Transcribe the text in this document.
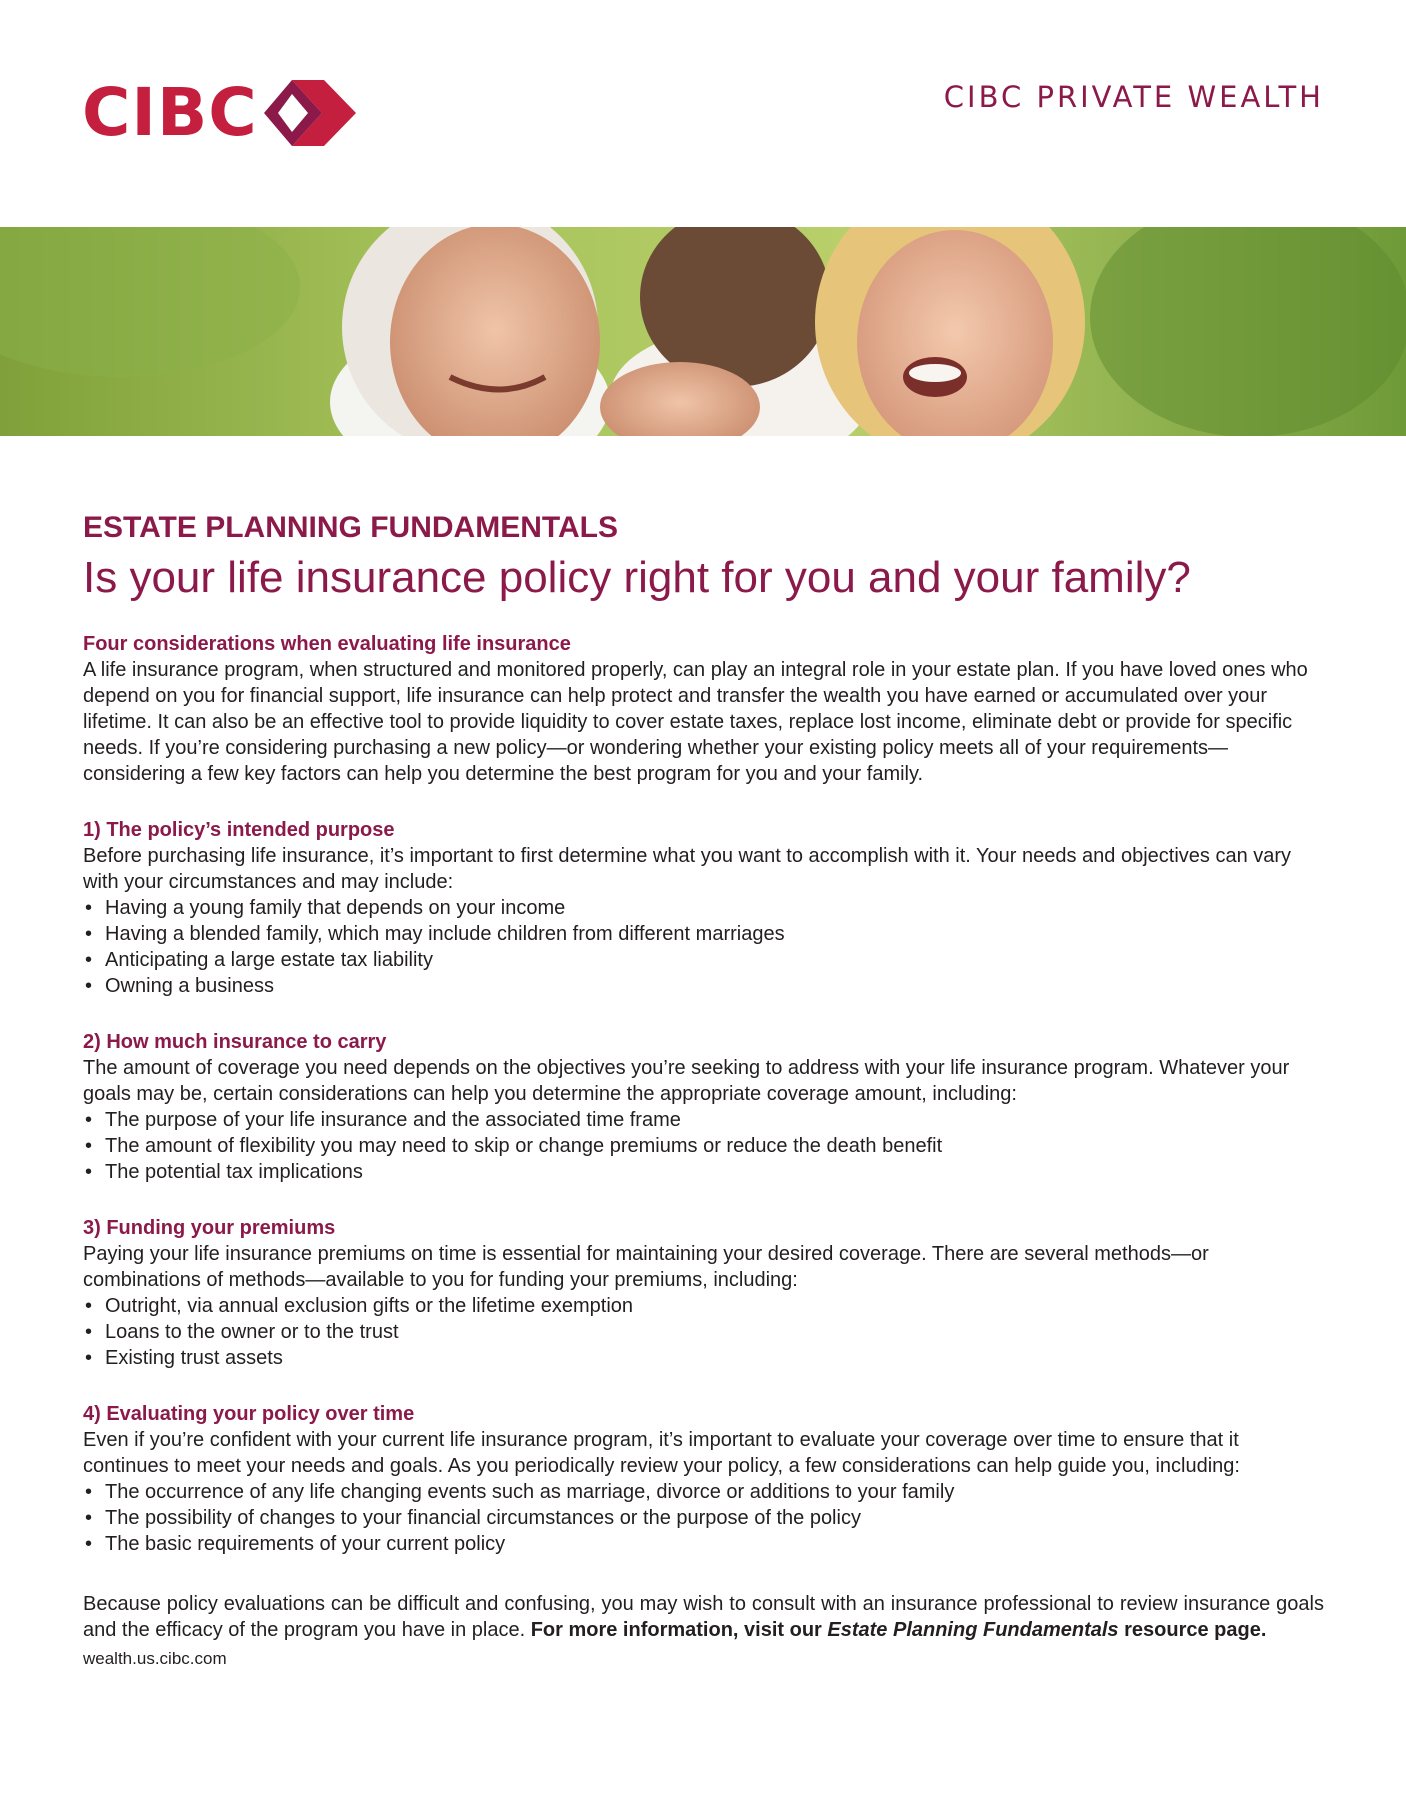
CIBC	CIBC PRIVATE WEALTH
ESTATE PLANNING FUNDAMENTALS
Is your life insurance policy right for you and your family?
Four considerations when evaluating life insurance

A life insurance program, when structured and monitored properly, can play an integral role in your estate plan. If you have loved ones who depend on you for financial support, life insurance can help protect and transfer the wealth you have earned or accumulated over your lifetime. It can also be an effective tool to provide liquidity to cover estate taxes, replace lost income, eliminate debt or provide for specific needs. If you’re considering purchasing a new policy—or wondering whether your existing policy meets all of your requirements—considering a few key factors can help you determine the best program for you and your family.

1) The policy’s intended purpose

Before purchasing life insurance, it’s important to first determine what you want to accomplish with it. Your needs and objectives can vary with your circumstances and may include:

• Having a young family that depends on your income
• Having a blended family, which may include children from different marriages
• Anticipating a large estate tax liability
• Owning a business
2) How much insurance to carry

The amount of coverage you need depends on the objectives you’re seeking to address with your life insurance program. Whatever your goals may be, certain considerations can help you determine the appropriate coverage amount, including:

• The purpose of your life insurance and the associated time frame
• The amount of flexibility you may need to skip or change premiums or reduce the death benefit
• The potential tax implications
3) Funding your premiums

Paying your life insurance premiums on time is essential for maintaining your desired coverage. There are several methods—or combinations of methods—available to you for funding your premiums, including:

• Outright, via annual exclusion gifts or the lifetime exemption
• Loans to the owner or to the trust
• Existing trust assets
4) Evaluating your policy over time

Even if you’re confident with your current life insurance program, it’s important to evaluate your coverage over time to ensure that it continues to meet your needs and goals. As you periodically review your policy, a few considerations can help guide you, including:

• The occurrence of any life changing events such as marriage, divorce or additions to your family
• The possibility of changes to your financial circumstances or the purpose of the policy
• The basic requirements of your current policy

Because policy evaluations can be difficult and confusing, you may wish to consult with an insurance professional to review insurance goals and the efficacy of the program you have in place. For more information, visit our Estate Planning Fundamentals resource page.

wealth.us.cibc.com
